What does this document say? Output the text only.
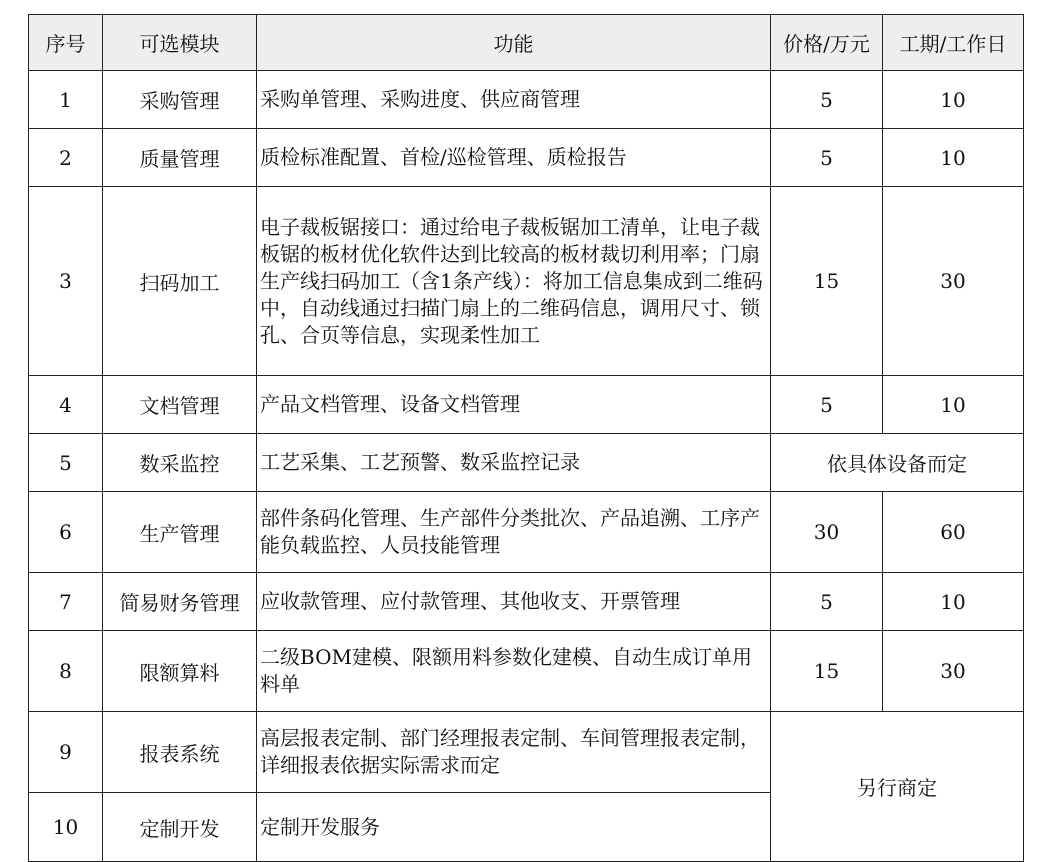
序号	可选模块	功能	价格/万元	工期/工作日
1	采购管理	采购单管理、采购进度、供应商管理	5	10
2	质量管理	质检标准配置、首检/巡检管理、质检报告	5	10
3	扫码加工	电子裁板锯接口：通过给电子裁板锯加工清单，让电子裁板锯的板材优化软件达到比较高的板材裁切利用率；门扇生产线扫码加工（含1条产线）：将加工信息集成到二维码中，自动线通过扫描门扇上的二维码信息，调用尺寸、锁孔、合页等信息，实现柔性加工	15	30
4	文档管理	产品文档管理、设备文档管理	5	10
5	数采监控	工艺采集、工艺预警、数采监控记录	依具体设备而定	
6	生产管理	部件条码化管理、生产部件分类批次、产品追溯、工序产能负载监控、人员技能管理	30	60
7	简易财务管理	应收款管理、应付款管理、其他收支、开票管理	5	10
8	限额算料	二级BOM建模、限额用料参数化建模、自动生成订单用料单	15	30
9	报表系统	高层报表定制、部门经理报表定制、车间管理报表定制，详细报表依据实际需求而定	另行商定	
10	定制开发	定制开发服务		
